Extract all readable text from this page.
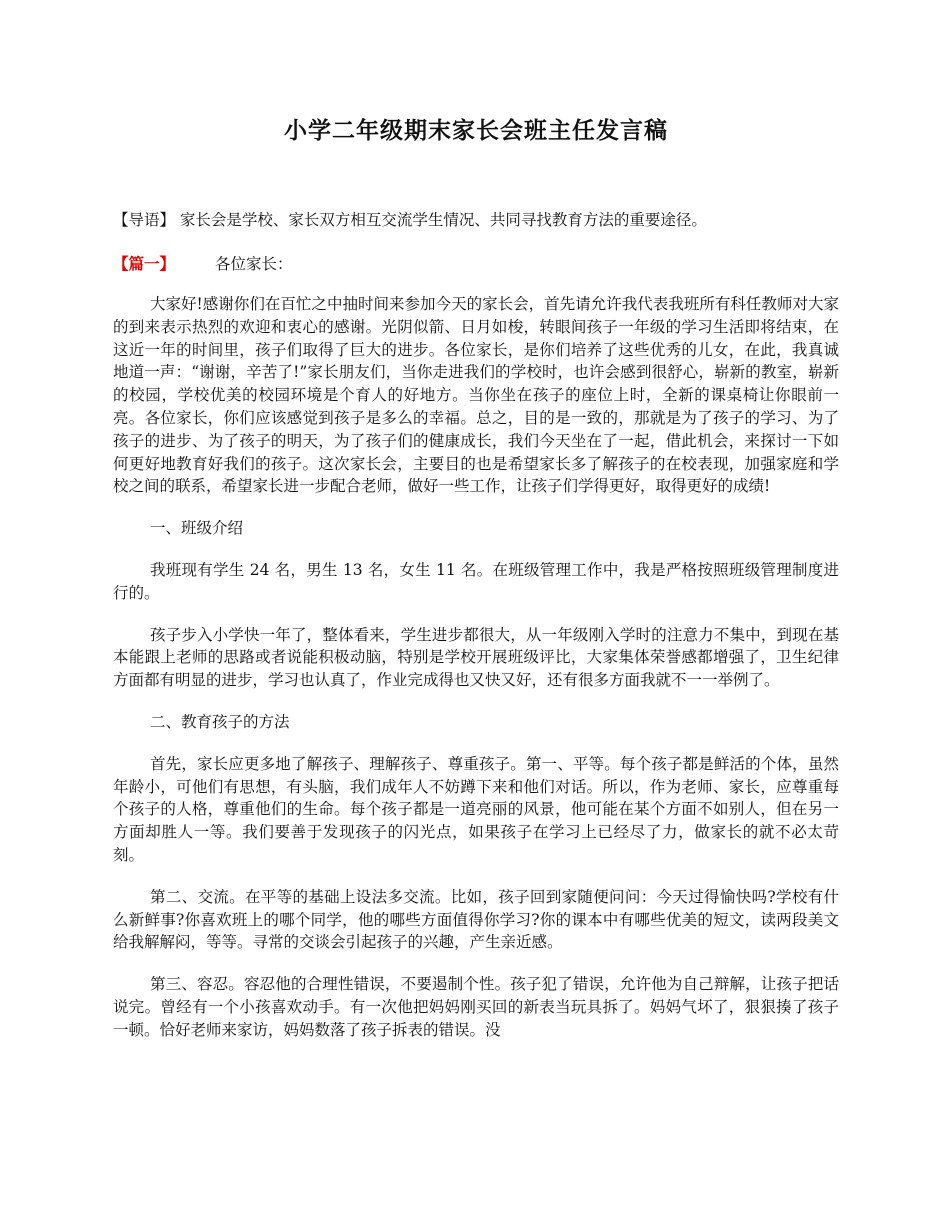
小学二年级期末家长会班主任发言稿
【导语】 家长会是学校、家长双方相互交流学生情况、共同寻找教育方法的重要途径。
【篇一】	各位家长：

大家好!感谢你们在百忙之中抽时间来参加今天的家长会，首先请允许我代表我班所有科任教师对大家的到来表示热烈的欢迎和衷心的感谢。光阴似箭、日月如梭，转眼间孩子一年级的学习生活即将结束，在这近一年的时间里，孩子们取得了巨大的进步。各位家长，是你们培养了这些优秀的儿女，在此，我真诚地道一声：“谢谢，辛苦了!”家长朋友们，当你走进我们的学校时，也许会感到很舒心，崭新的教室，崭新的校园，学校优美的校园环境是个育人的好地方。当你坐在孩子的座位上时，全新的课桌椅让你眼前一亮。各位家长，你们应该感觉到孩子是多么的幸福。总之，目的是一致的，那就是为了孩子的学习、为了孩子的进步、为了孩子的明天，为了孩子们的健康成长，我们今天坐在了一起，借此机会，来探讨一下如何更好地教育好我们的孩子。这次家长会，主要目的也是希望家长多了解孩子的在校表现，加强家庭和学校之间的联系，希望家长进一步配合老师，做好一些工作，让孩子们学得更好，取得更好的成绩!

一、班级介绍

我班现有学生 24 名，男生 13 名，女生 11 名。在班级管理工作中，我是严格按照班级管理制度进行的。

孩子步入小学快一年了，整体看来，学生进步都很大，从一年级刚入学时的注意力不集中，到现在基本能跟上老师的思路或者说能积极动脑，特别是学校开展班级评比，大家集体荣誉感都增强了，卫生纪律方面都有明显的进步，学习也认真了，作业完成得也又快又好，还有很多方面我就不一一举例了。

二、教育孩子的方法

首先，家长应更多地了解孩子、理解孩子、尊重孩子。第一、平等。每个孩子都是鲜活的个体，虽然年龄小，可他们有思想，有头脑，我们成年人不妨蹲下来和他们对话。所以，作为老师、家长，应尊重每个孩子的人格，尊重他们的生命。每个孩子都是一道亮丽的风景，他可能在某个方面不如别人，但在另一方面却胜人一等。我们要善于发现孩子的闪光点，如果孩子在学习上已经尽了力，做家长的就不必太苛刻。

第二、交流。在平等的基础上设法多交流。比如，孩子回到家随便问问：今天过得愉快吗?学校有什么新鲜事?你喜欢班上的哪个同学，他的哪些方面值得你学习?你的课本中有哪些优美的短文，读两段美文给我解解闷，等等。寻常的交谈会引起孩子的兴趣，产生亲近感。

第三、容忍。容忍他的合理性错误，不要遏制个性。孩子犯了错误，允许他为自己辩解，让孩子把话说完。曾经有一个小孩喜欢动手。有一次他把妈妈刚买回的新表当玩具拆了。妈妈气坏了，狠狠揍了孩子一顿。恰好老师来家访，妈妈数落了孩子拆表的错误。没
